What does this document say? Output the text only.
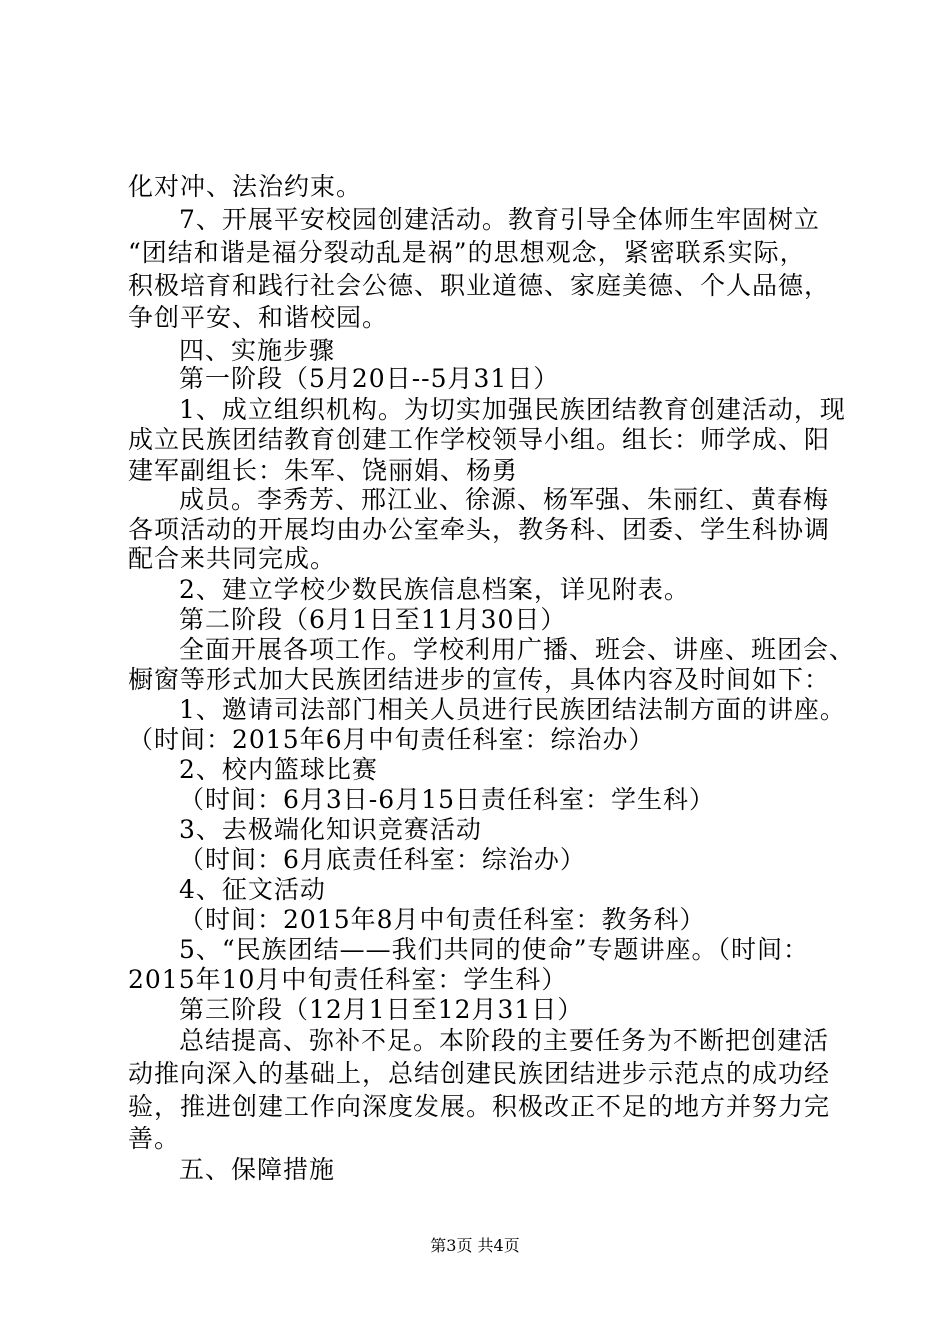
化对冲、法治约束。
7、开展平安校园创建活动。教育引导全体师生牢固树立
“团结和谐是福分裂动乱是祸”的思想观念，紧密联系实际，
积极培育和践行社会公德、职业道德、家庭美德、个人品德，
争创平安、和谐校园。
四、实施步骤
第一阶段（5月20日--5月31日）
1、成立组织机构。为切实加强民族团结教育创建活动，现
成立民族团结教育创建工作学校领导小组。组长：师学成、阳
建军副组长：朱军、饶丽娟、杨勇
成员。李秀芳、邢江业、徐源、杨军强、朱丽红、黄春梅
各项活动的开展均由办公室牵头，教务科、团委、学生科协调
配合来共同完成。
2、建立学校少数民族信息档案，详见附表。
第二阶段（6月1日至11月30日）
全面开展各项工作。学校利用广播、班会、讲座、班团会、
橱窗等形式加大民族团结进步的宣传，具体内容及时间如下：
1、邀请司法部门相关人员进行民族团结法制方面的讲座。
（时间：2015年6月中旬责任科室：综治办）
2、校内篮球比赛
（时间：6月3日-6月15日责任科室：学生科）
3、去极端化知识竞赛活动
（时间：6月底责任科室：综治办）
4、征文活动
（时间：2015年8月中旬责任科室：教务科）
5、“民族团结——我们共同的使命”专题讲座。（时间：
2015年10月中旬责任科室：学生科）
第三阶段（12月1日至12月31日）
总结提高、弥补不足。本阶段的主要任务为不断把创建活
动推向深入的基础上，总结创建民族团结进步示范点的成功经
验，推进创建工作向深度发展。积极改正不足的地方并努力完
善。
五、保障措施
第3页 共4页
